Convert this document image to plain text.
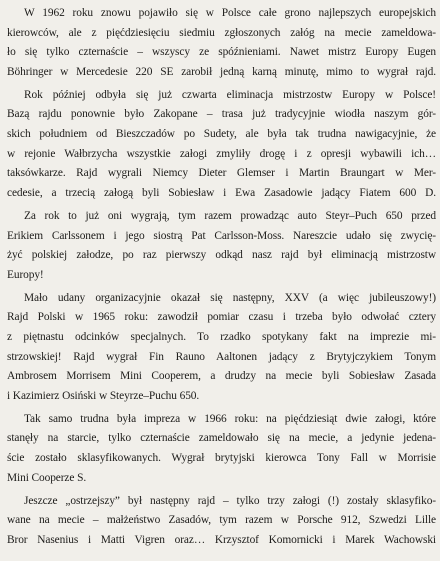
W 1962 roku znowu pojawiło się w Polsce całe grono najlepszych europejskich
kierowców, ale z pięćdziesięciu siedmiu zgłoszonych załóg na mecie zameldowa-
ło się tylko czternaście – wszyscy ze spóźnieniami. Nawet mistrz Europy Eugen
Böhringer w Mercedesie 220 SE zarobił jedną karną minutę, mimo to wygrał rajd.
Rok później odbyła się już czwarta eliminacja mistrzostw Europy w Polsce!
Bazą rajdu ponownie było Zakopane – trasa już tradycyjnie wiodła naszym gór-
skich południem od Bieszczadów po Sudety, ale była tak trudna nawigacyjnie, że
w rejonie Wałbrzycha wszystkie załogi zmyliły drogę i z opresji wybawili ich…
taksówkarze. Rajd wygrali Niemcy Dieter Glemser i Martin Braungart w Mer-
cedesie, a trzecią załogą byli Sobiesław i Ewa Zasadowie jadący Fiatem 600 D.
Za rok to już oni wygrają, tym razem prowadząc auto Steyr–Puch 650 przed
Erikiem Carlssonem i jego siostrą Pat Carlsson-Moss. Nareszcie udało się zwycię-
żyć polskiej załodze, po raz pierwszy odkąd nasz rajd był eliminacją mistrzostw
Europy!
Mało udany organizacyjnie okazał się następny, XXV (a więc jubileuszowy!)
Rajd Polski w 1965 roku: zawodził pomiar czasu i trzeba było odwołać cztery
z piętnastu odcinków specjalnych. To rzadko spotykany fakt na imprezie mi-
strzowskiej! Rajd wygrał Fin Rauno Aaltonen jadący z Brytyjczykiem Tonym
Ambrosem Morrisem Mini Cooperem, a drudzy na mecie byli Sobiesław Zasada
i Kazimierz Osiński w Steyrze–Puchu 650.
Tak samo trudna była impreza w 1966 roku: na pięćdziesiąt dwie załogi, które
stanęły na starcie, tylko czternaście zameldowało się na mecie, a jedynie jedena-
ście zostało sklasyfikowanych. Wygrał brytyjski kierowca Tony Fall w Morrisie
Mini Cooperze S.
Jeszcze „ostrzejszy” był następny rajd – tylko trzy załogi (!) zostały sklasyfiko-
wane na mecie – małżeństwo Zasadów, tym razem w Porsche 912, Szwedzi Lille
Bror Nasenius i Matti Vigren oraz… Krzysztof Komornicki i Marek Wachowski
